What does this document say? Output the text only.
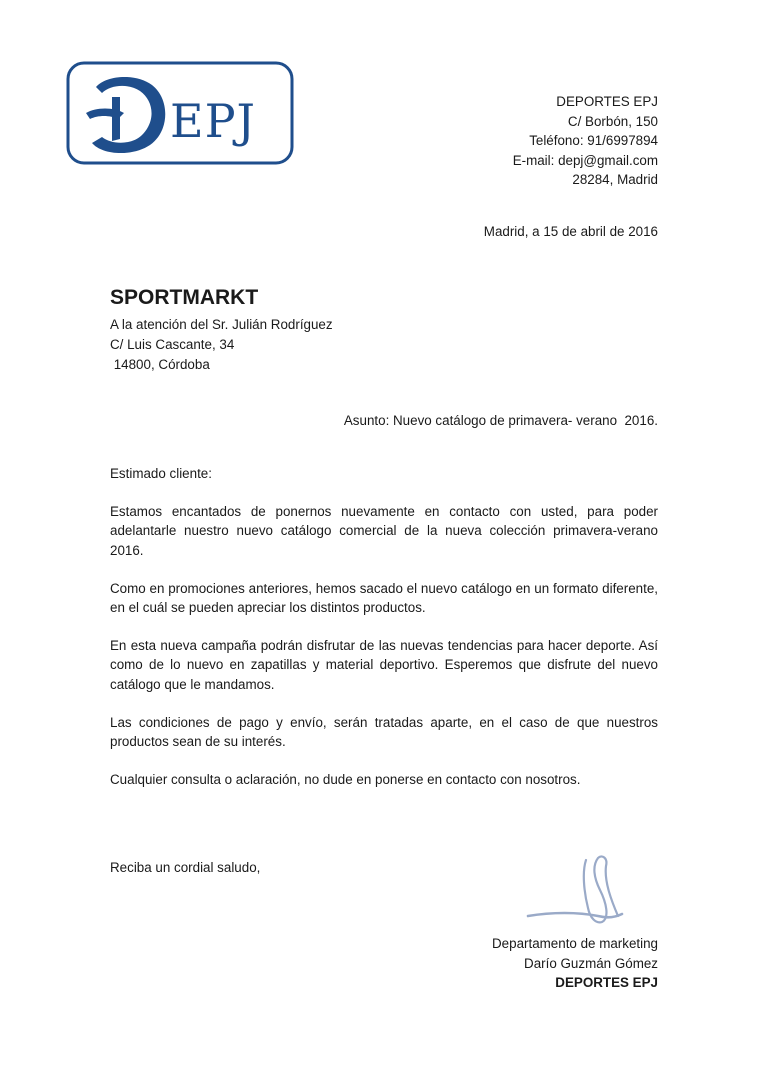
EPJ	DEPORTES EPJ
C/ Borbón, 150
Teléfono: 91/6997894
E-mail: depj@gmail.com
28284, Madrid
Madrid, a 15 de abril de 2016
SPORTMARKT
A la atención del Sr. Julián Rodríguez
C/ Luis Cascante, 34
14800, Córdoba
Asunto: Nuevo catálogo de primavera- verano  2016.

Estimado cliente:

Estamos encantados de ponernos nuevamente en contacto con usted, para poder adelantarle nuestro nuevo catálogo comercial de la nueva colección primavera-verano 2016.

Como en promociones anteriores, hemos sacado el nuevo catálogo en un formato diferente, en el cuál se pueden apreciar los distintos productos.

En esta nueva campaña podrán disfrutar de las nuevas tendencias para hacer deporte. Así como de lo nuevo en zapatillas y material deportivo. Esperemos que disfrute del nuevo catálogo que le mandamos.

Las condiciones de pago y envío, serán tratadas aparte, en el caso de que nuestros productos sean de su interés.

Cualquier consulta o aclaración, no dude en ponerse en contacto con nosotros.

Reciba un cordial saludo,
Departamento de marketing
Darío Guzmán Gómez
DEPORTES EPJ
